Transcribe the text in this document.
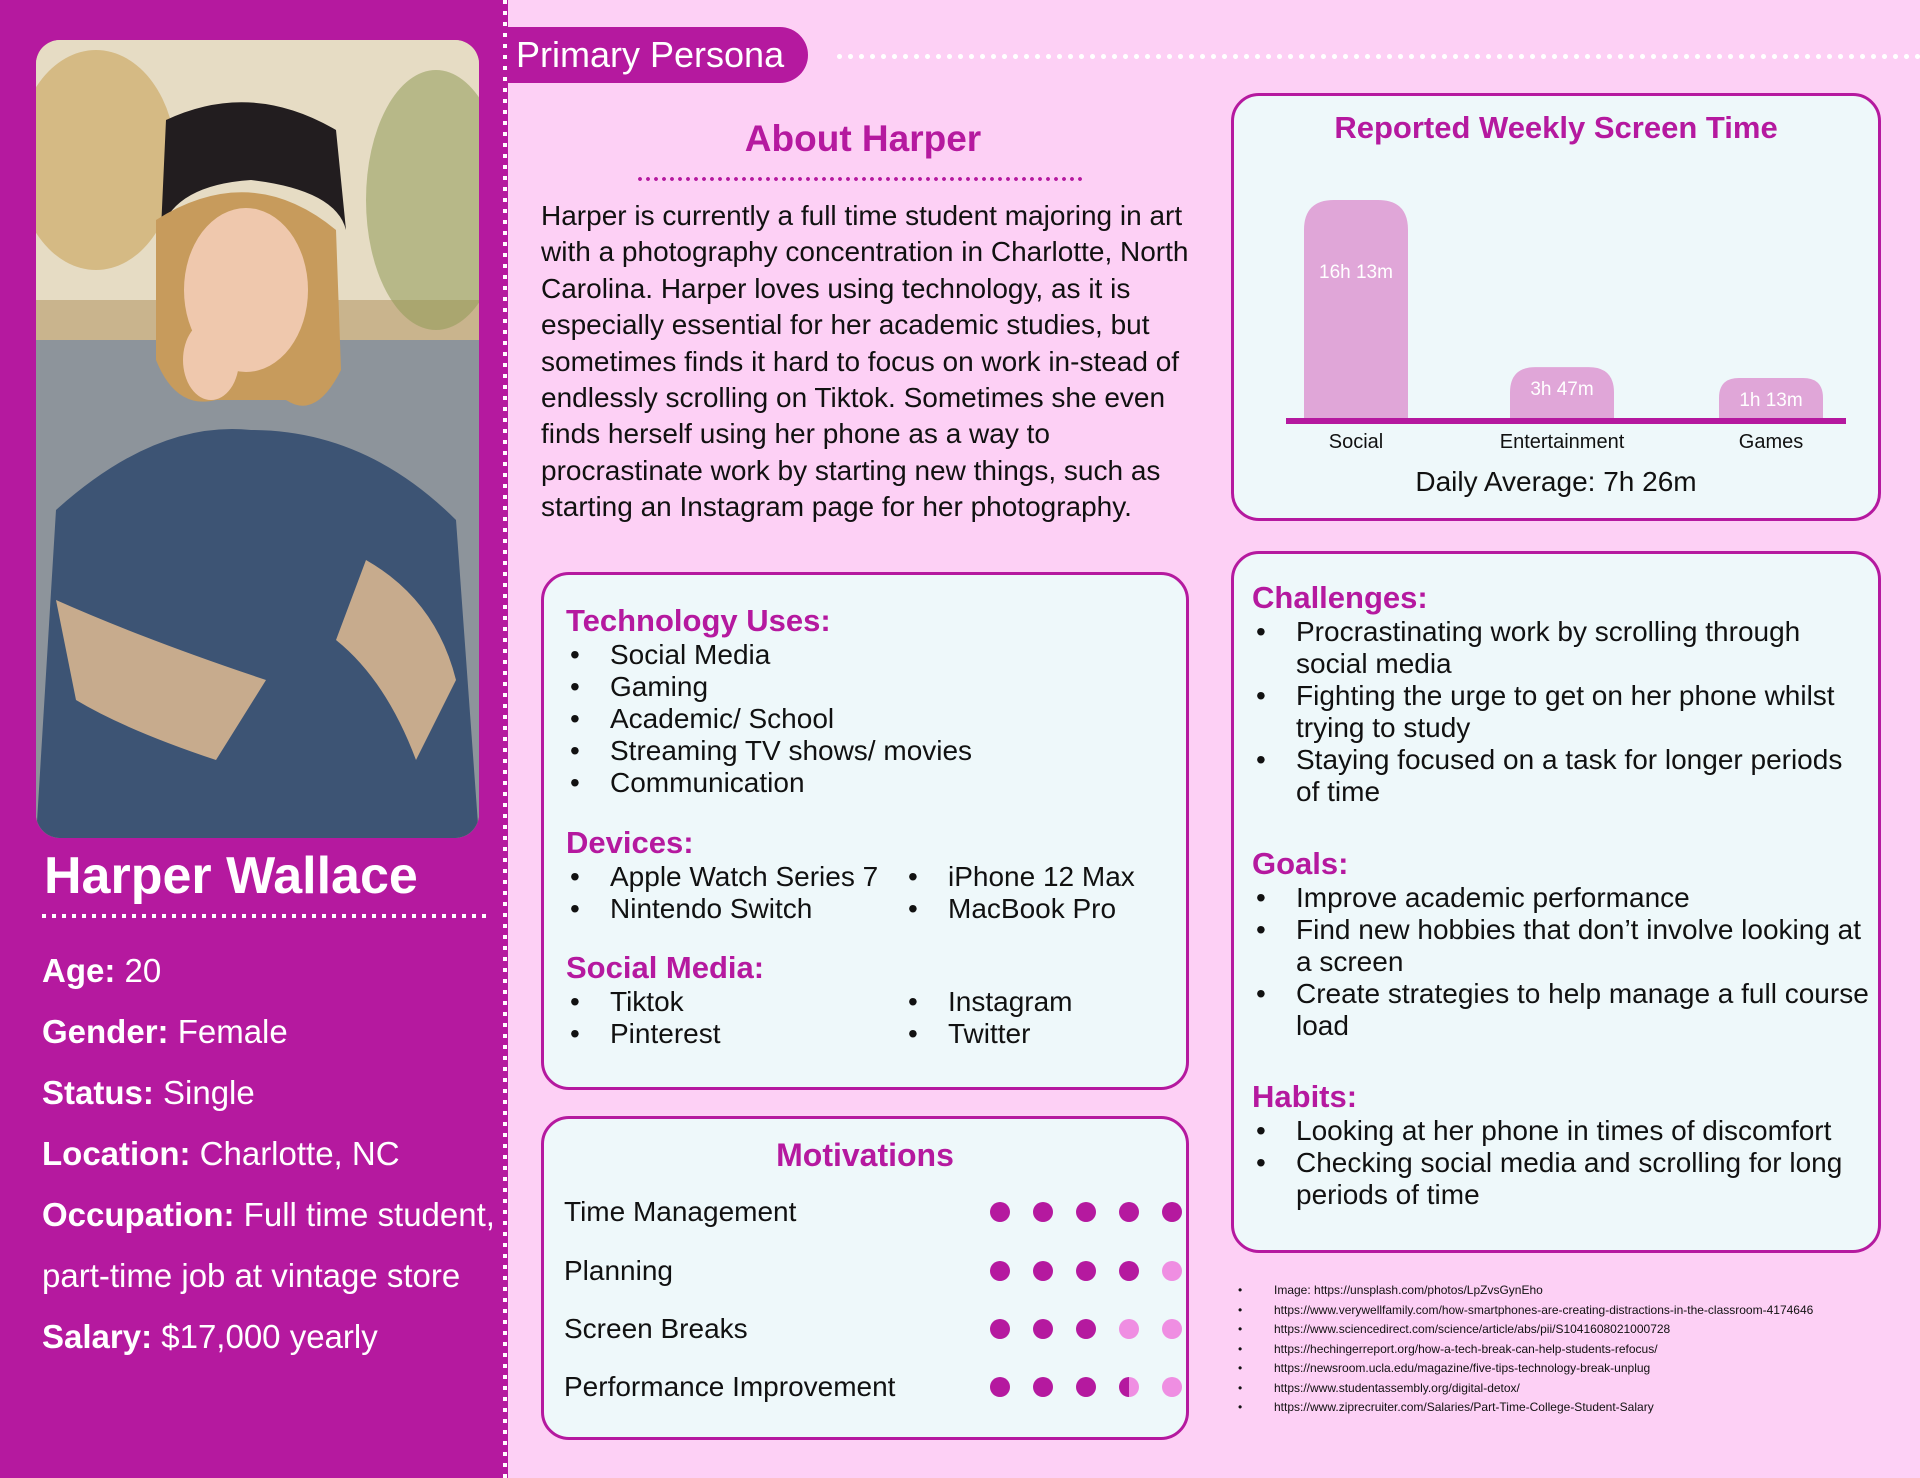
Harper Wallace
Age: 20
Gender: Female
Status: Single
Location: Charlotte, NC
Occupation: Full time student, part-time job at vintage store
Salary: $17,000 yearly
Primary Persona
About Harper
Harper is currently a full time student majoring in art with a photography concentration in Charlotte, North Carolina. Harper loves using technology, as it is especially essential for her academic studies, but sometimes finds it hard to focus on work in-stead of endlessly scrolling on Tiktok. Sometimes she even finds herself using her phone as a way to procrastinate work by starting new things, such as starting an Instagram page for her photography.
Technology Uses:
• Social Media
• Gaming
• Academic/ School
• Streaming TV shows/ movies
• Communication
Devices:
• Apple Watch Series 7
• Nintendo Switch
• iPhone 12 Max
• MacBook Pro
Social Media:
• Tiktok
• Pinterest
• Instagram
• Twitter
Motivations
Time Management
Planning
Screen Breaks
Performance Improvement
Reported Weekly Screen Time
16h 13m
Social
3h 47m
Entertainment
1h 13m
Games
Daily Average: 7h 26m
Challenges:
• Procrastinating work by scrolling through social media
• Fighting the urge to get on her phone whilst trying to study
• Staying focused on a task for longer periods of time
Goals:
• Improve academic performance
• Find new hobbies that don’t involve looking at a screen
• Create strategies to help manage a full course load
Habits:
• Looking at her phone in times of discomfort
• Checking social media and scrolling for long periods of time
• Image: https://unsplash.com/photos/LpZvsGynEho
• https://www.verywellfamily.com/how-smartphones-are-creating-distractions-in-the-classroom-4174646
• https://www.sciencedirect.com/science/article/abs/pii/S1041608021000728
• https://hechingerreport.org/how-a-tech-break-can-help-students-refocus/
• https://newsroom.ucla.edu/magazine/five-tips-technology-break-unplug
• https://www.studentassembly.org/digital-detox/
• https://www.ziprecruiter.com/Salaries/Part-Time-College-Student-Salary
